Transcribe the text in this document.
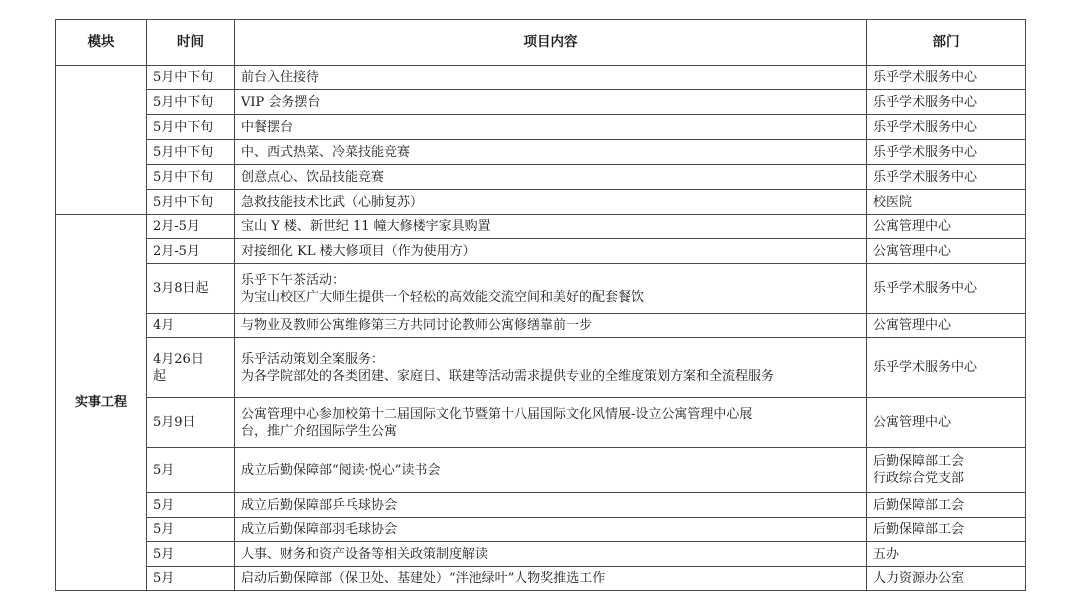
模块	时间	项目内容	部门

	5月中下旬	前台入住接待	乐乎学术服务中心

	5月中下旬	VIP 会务摆台	乐乎学术服务中心

	5月中下旬	中餐摆台	乐乎学术服务中心

	5月中下旬	中、西式热菜、冷菜技能竞赛	乐乎学术服务中心

	5月中下旬	创意点心、饮品技能竞赛	乐乎学术服务中心

	5月中下旬	急救技能技术比武（心肺复苏）	校医院

实事工程	2月-5月	宝山 Y 楼、新世纪 11 幢大修楼宇家具购置	公寓管理中心

	2月-5月	对接细化 KL 楼大修项目（作为使用方）	公寓管理中心

	3月8日起	乐乎下午茶活动：
为宝山校区广大师生提供一个轻松的高效能交流空间和美好的配套餐饮	乐乎学术服务中心

	4月	与物业及教师公寓维修第三方共同讨论教师公寓修缮靠前一步	公寓管理中心

	4月26日
起	乐乎活动策划全案服务：
为各学院部处的各类团建、家庭日、联建等活动需求提供专业的全维度策划方案和全流程服务	乐乎学术服务中心

	5月9日	公寓管理中心参加校第十二届国际文化节暨第十八届国际文化风情展-设立公寓管理中心展
台，推广介绍国际学生公寓	公寓管理中心

	5月	成立后勤保障部“阅读·悦心”读书会	后勤保障部工会
行政综合党支部

	5月	成立后勤保障部乒乓球协会	后勤保障部工会

	5月	成立后勤保障部羽毛球协会	后勤保障部工会

	5月	人事、财务和资产设备等相关政策制度解读	五办

	5月	启动后勤保障部（保卫处、基建处）“泮池绿叶”人物奖推选工作	人力资源办公室
